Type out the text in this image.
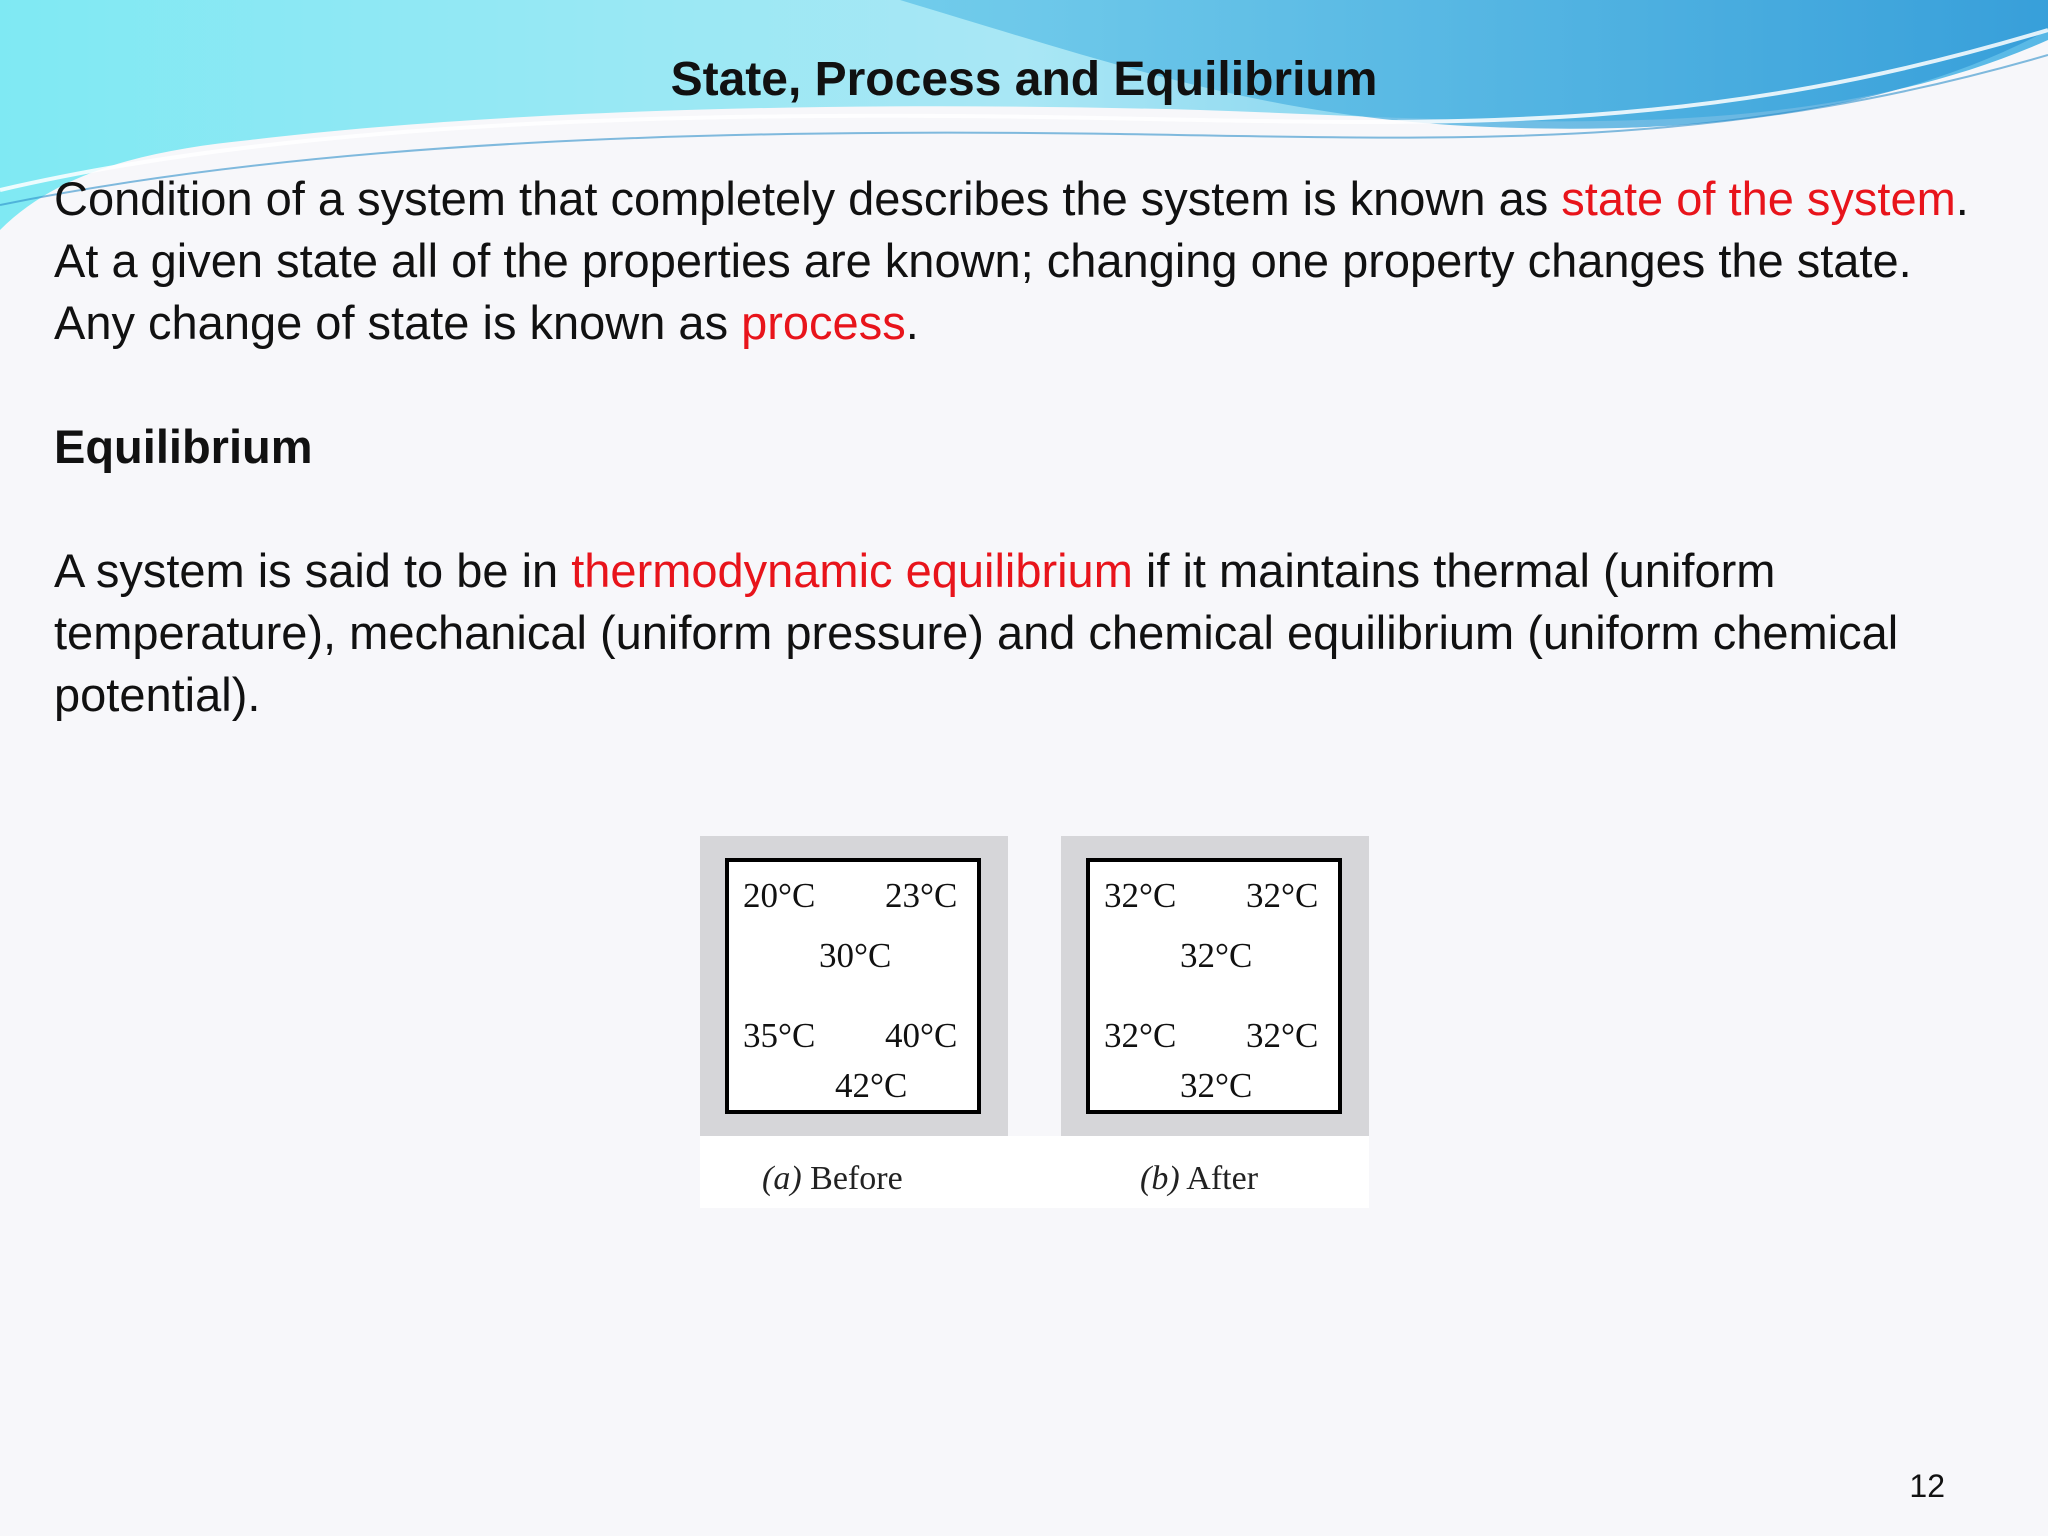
State, Process and Equilibrium

Condition of a system that completely describes the system is known as state of the system. At a given state all of the properties are known; changing one property changes the state.

Any change of state is known as process.

Equilibrium

A system is said to be in thermodynamic equilibrium if it maintains thermal (uniform temperature), mechanical (uniform pressure) and chemical equilibrium (uniform chemical potential).

20°C 23°C
30°C
35°C 40°C
42°C
32°C 32°C
32°C
32°C 32°C
32°C
(a) Before	(b) After
12
